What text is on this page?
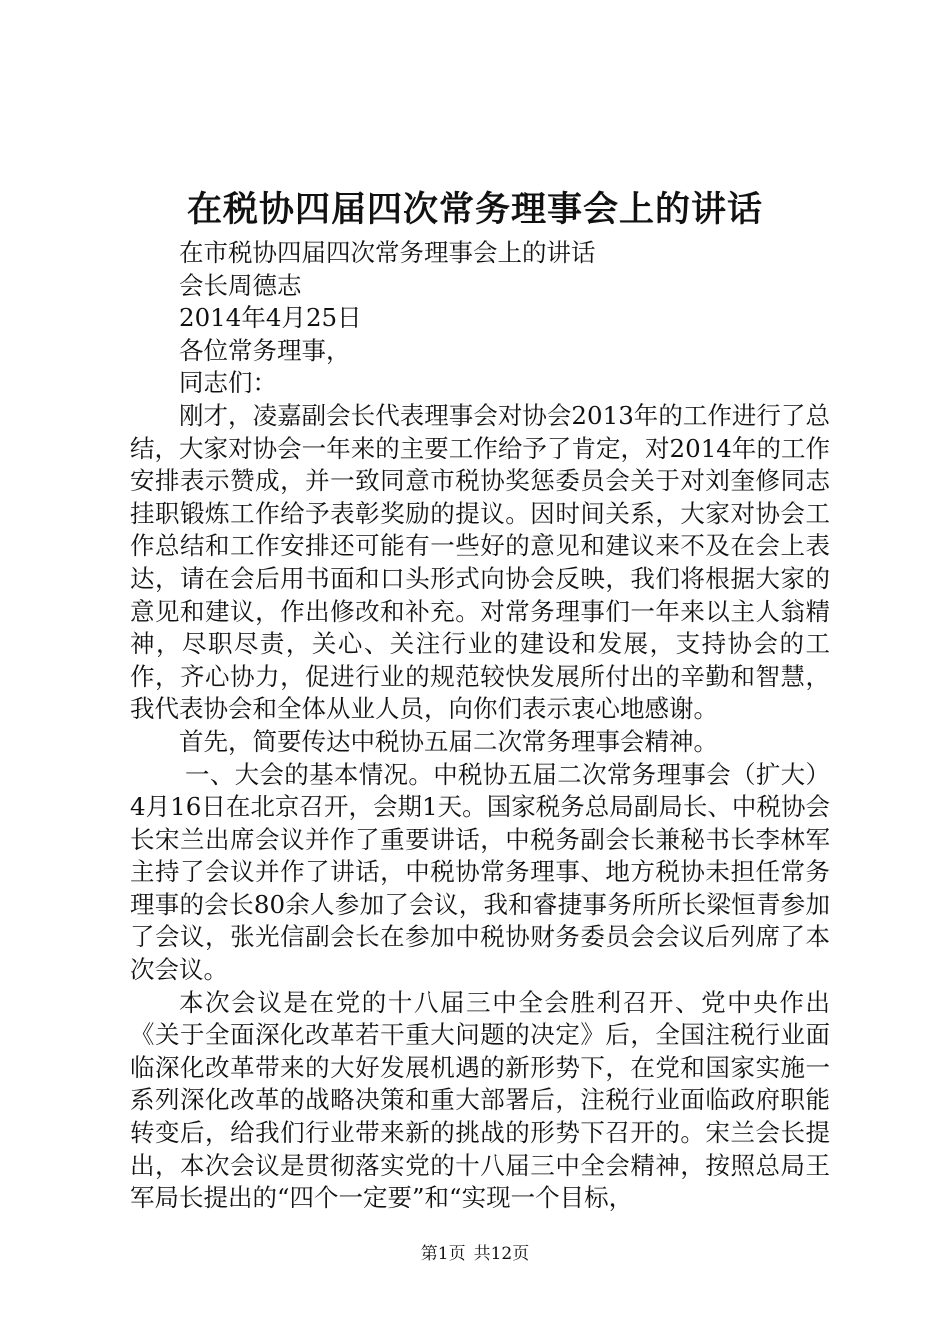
在税协四届四次常务理事会上的讲话

在市税协四届四次常务理事会上的讲话

会长周德志

2014年4月25日

各位常务理事，

同志们：

刚才，凌嘉副会长代表理事会对协会2013年的工作进行了总结，大家对协会一年来的主要工作给予了肯定，对2014年的工作安排表示赞成，并一致同意市税协奖惩委员会关于对刘奎修同志挂职锻炼工作给予表彰奖励的提议。因时间关系，大家对协会工作总结和工作安排还可能有一些好的意见和建议来不及在会上表达，请在会后用书面和口头形式向协会反映，我们将根据大家的意见和建议，作出修改和补充。对常务理事们一年来以主人翁精神，尽职尽责，关心、关注行业的建设和发展，支持协会的工作，齐心协力，促进行业的规范较快发展所付出的辛勤和智慧，我代表协会和全体从业人员，向你们表示衷心地感谢。

首先，简要传达中税协五届二次常务理事会精神。

一、大会的基本情况。中税协五届二次常务理事会（扩大）4月16日在北京召开，会期1天。国家税务总局副局长、中税协会长宋兰出席会议并作了重要讲话，中税务副会长兼秘书长李林军主持了会议并作了讲话，中税协常务理事、地方税协未担任常务理事的会长80余人参加了会议，我和睿捷事务所所长梁恒青参加了会议，张光信副会长在参加中税协财务委员会会议后列席了本次会议。

本次会议是在党的十八届三中全会胜利召开、党中央作出《关于全面深化改革若干重大问题的决定》后，全国注税行业面临深化改革带来的大好发展机遇的新形势下，在党和国家实施一系列深化改革的战略决策和重大部署后，注税行业面临政府职能转变后，给我们行业带来新的挑战的形势下召开的。宋兰会长提出，本次会议是贯彻落实党的十八届三中全会精神，按照总局王军局长提出的“四个一定要”和“实现一个目标，

第1页 共12页
